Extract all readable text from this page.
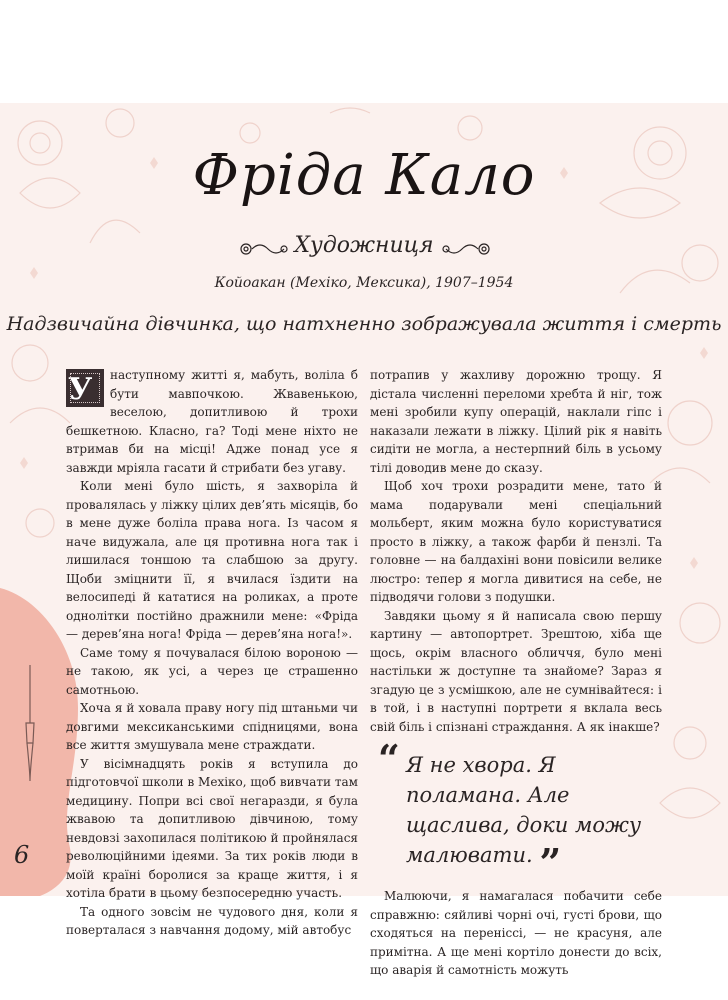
Фріда Кало
Художниця
Койоакан (Мехіко, Мексика), 1907–1954
Надзвичайна дівчинка, що натхненно зображувала життя і смерть

У	наступному житті я, мабуть, воліла б бути мавпочкою. Жвавенькою, веселою, допитливою й трохи бешкетною. Класно, га? Тоді мене ніхто не втримав би на місці! Адже понад усе я завжди мріяла гасати й стрибати без угаву.

Коли мені було шість, я захворіла й провалялась у ліжку цілих дев’ять місяців, бо в мене дуже боліла права нога. Із часом я наче видужала, але ця противна нога так і лишилася тоншою та слабшою за другу. Щоби зміцнити її, я вчилася їздити на велосипеді й кататися на роликах, а проте однолітки постійно дражнили мене: «Фріда — дерев’яна нога! Фріда — дерев’яна нога!».

Саме тому я почувалася білою вороною — не такою, як усі, а через це страшенно самотньою.

Хоча я й ховала праву ногу під штаньми чи довгими мексиканськими спідницями, вона все життя змушувала мене страждати.

У вісімнадцять років я вступила до підготовчої школи в Мехіко, щоб вивчати там медицину. Попри всі свої негаразди, я була жвавою та допитливою дівчиною, тому невдовзі захопилася політикою й пройнялася революційними ідеями. За тих років люди в моїй країні боролися за краще життя, і я хотіла брати в цьому безпосередню участь.

Та одного зовсім не чудового дня, коли я поверталася з навчання додому, мій автобус

потрапив у жахливу дорожню трощу. Я дістала численні переломи хребта й ніг, тож мені зробили купу операцій, наклали гіпс і наказали лежати в ліжку. Цілий рік я навіть сидіти не могла, а нестерпний біль в усьому тілі доводив мене до сказу.

Щоб хоч трохи розрадити мене, тато й мама подарували мені спеціальний мольберт, яким можна було користуватися просто в ліжку, а також фарби й пензлі. Та головне — на балдахіні вони повісили велике люстро: тепер я могла дивитися на себе, не підводячи голови з подушки.

Завдяки цьому я й написала свою першу картину — автопортрет. Зрештою, хіба ще щось, окрім власного обличчя, було мені настільки ж доступне та знайоме? Зараз я згадую це з усмішкою, але не сумнівайтеся: і в той, і в наступні портрети я вклала весь свій біль і спізнані страждання. А як інакше?

“ Я не хвора. Я поламана. Але щаслива, доки можу малювати. ”

Малюючи, я намагалася побачити себе справжню: сяйливі чорні очі, густі брови, що сходяться на переніссі, — не красуня, але примітна. А ще мені кортіло донести до всіх, що аварія й самотність можуть

6
